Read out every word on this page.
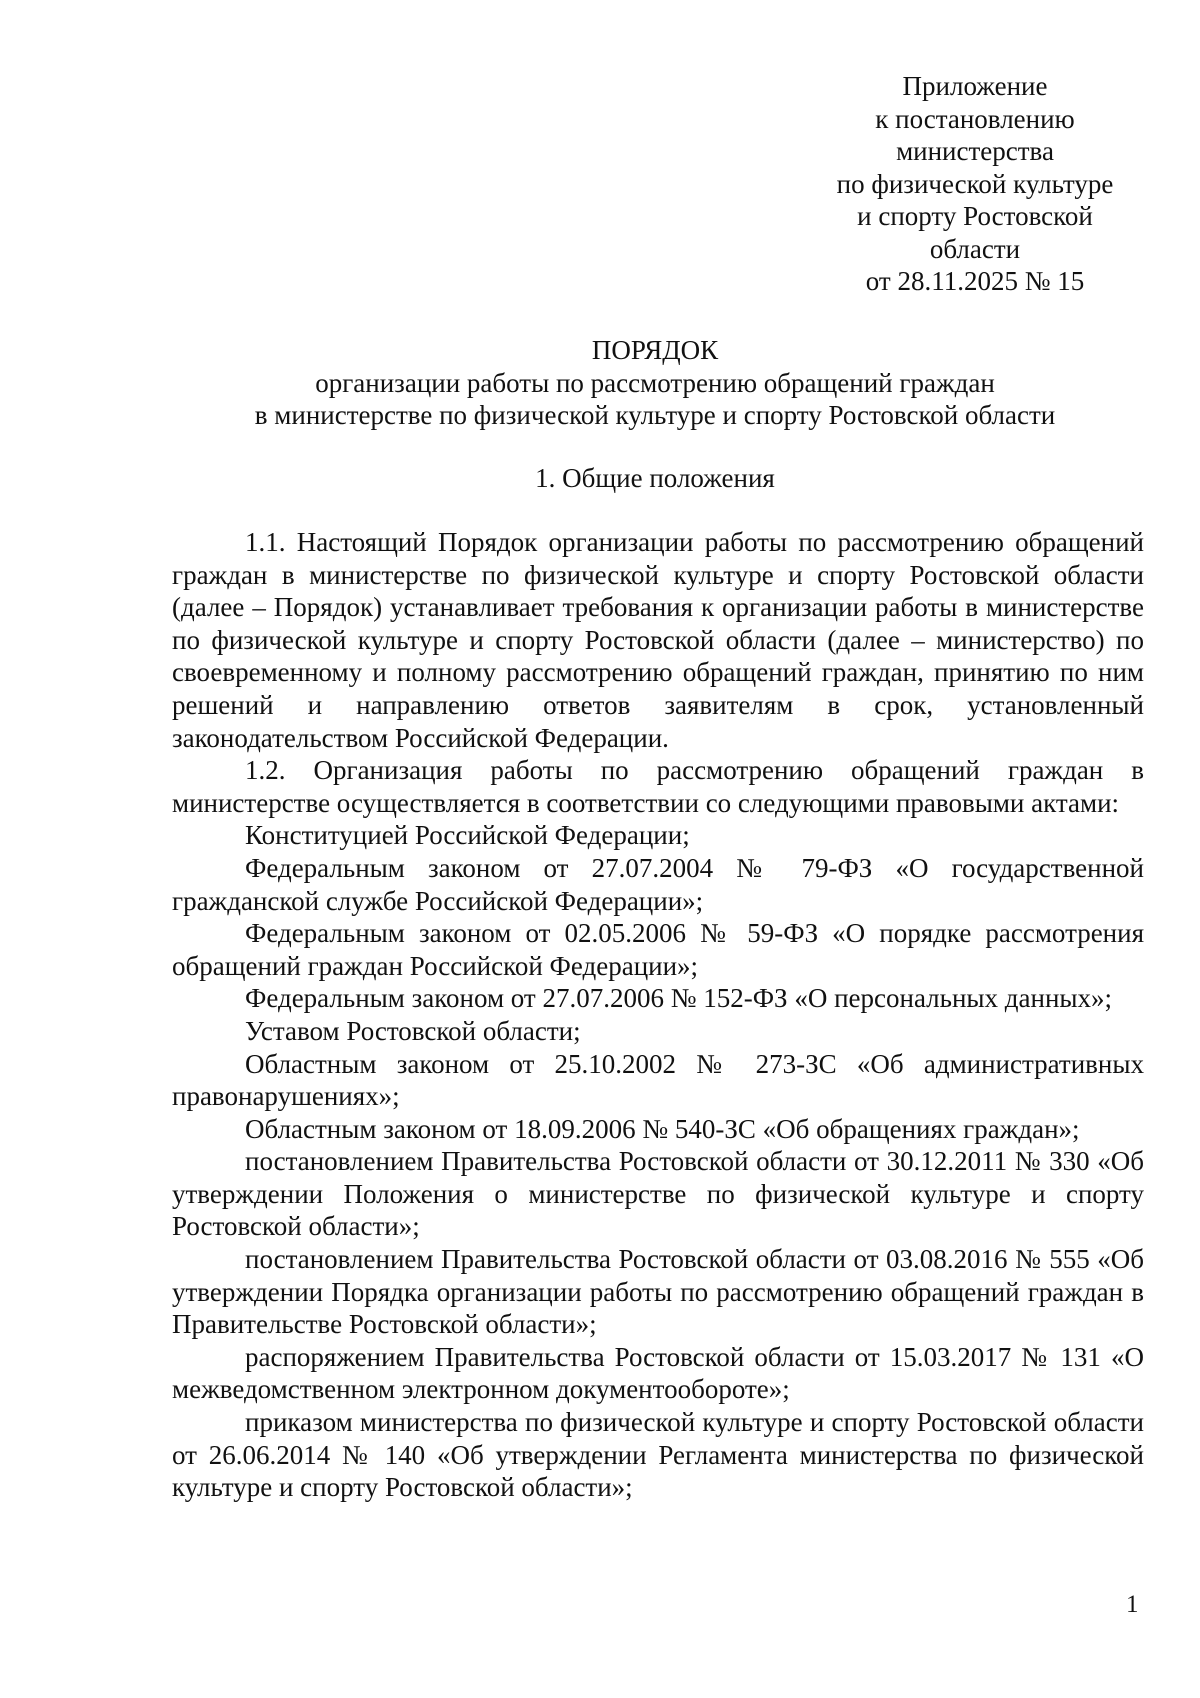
Приложение
к постановлению
министерства
по физической культуре
и спорту Ростовской
области
от 28.11.2025 № 15
ПОРЯДОК
организации работы по рассмотрению обращений граждан
в министерстве по физической культуре и спорту Ростовской области
1. Общие положения

1.1. Настоящий Порядок организации работы по рассмотрению обращений граждан в министерстве по физической культуре и спорту Ростовской области (далее – Порядок) устанавливает требования к организации работы в министерстве по физической культуре и спорту Ростовской области (далее – министерство) по своевременному и полному рассмотрению обращений граждан, принятию по ним решений и направлению ответов заявителям в срок, установленный законодательством Российской Федерации.

1.2. Организация работы по рассмотрению обращений граждан в министерстве осуществляется в соответствии со следующими правовыми актами:

Конституцией Российской Федерации;

Федеральным законом от 27.07.2004 № 79-ФЗ «О государственной гражданской службе Российской Федерации»;

Федеральным законом от 02.05.2006 № 59-ФЗ «О порядке рассмотрения обращений граждан Российской Федерации»;

Федеральным законом от 27.07.2006 № 152-ФЗ «О персональных данных»;

Уставом Ростовской области;

Областным законом от 25.10.2002 № 273-ЗС «Об административных правонарушениях»;

Областным законом от 18.09.2006 № 540-ЗС «Об обращениях граждан»;

постановлением Правительства Ростовской области от 30.12.2011 № 330 «Об утверждении Положения о министерстве по физической культуре и спорту Ростовской области»;

постановлением Правительства Ростовской области от 03.08.2016 № 555 «Об утверждении Порядка организации работы по рассмотрению обращений граждан в Правительстве Ростовской области»;

распоряжением Правительства Ростовской области от 15.03.2017 № 131 «О межведомственном электронном документообороте»;

приказом министерства по физической культуре и спорту Ростовской области от 26.06.2014 № 140 «Об утверждении Регламента министерства по физической культуре и спорту Ростовской области»;

1
